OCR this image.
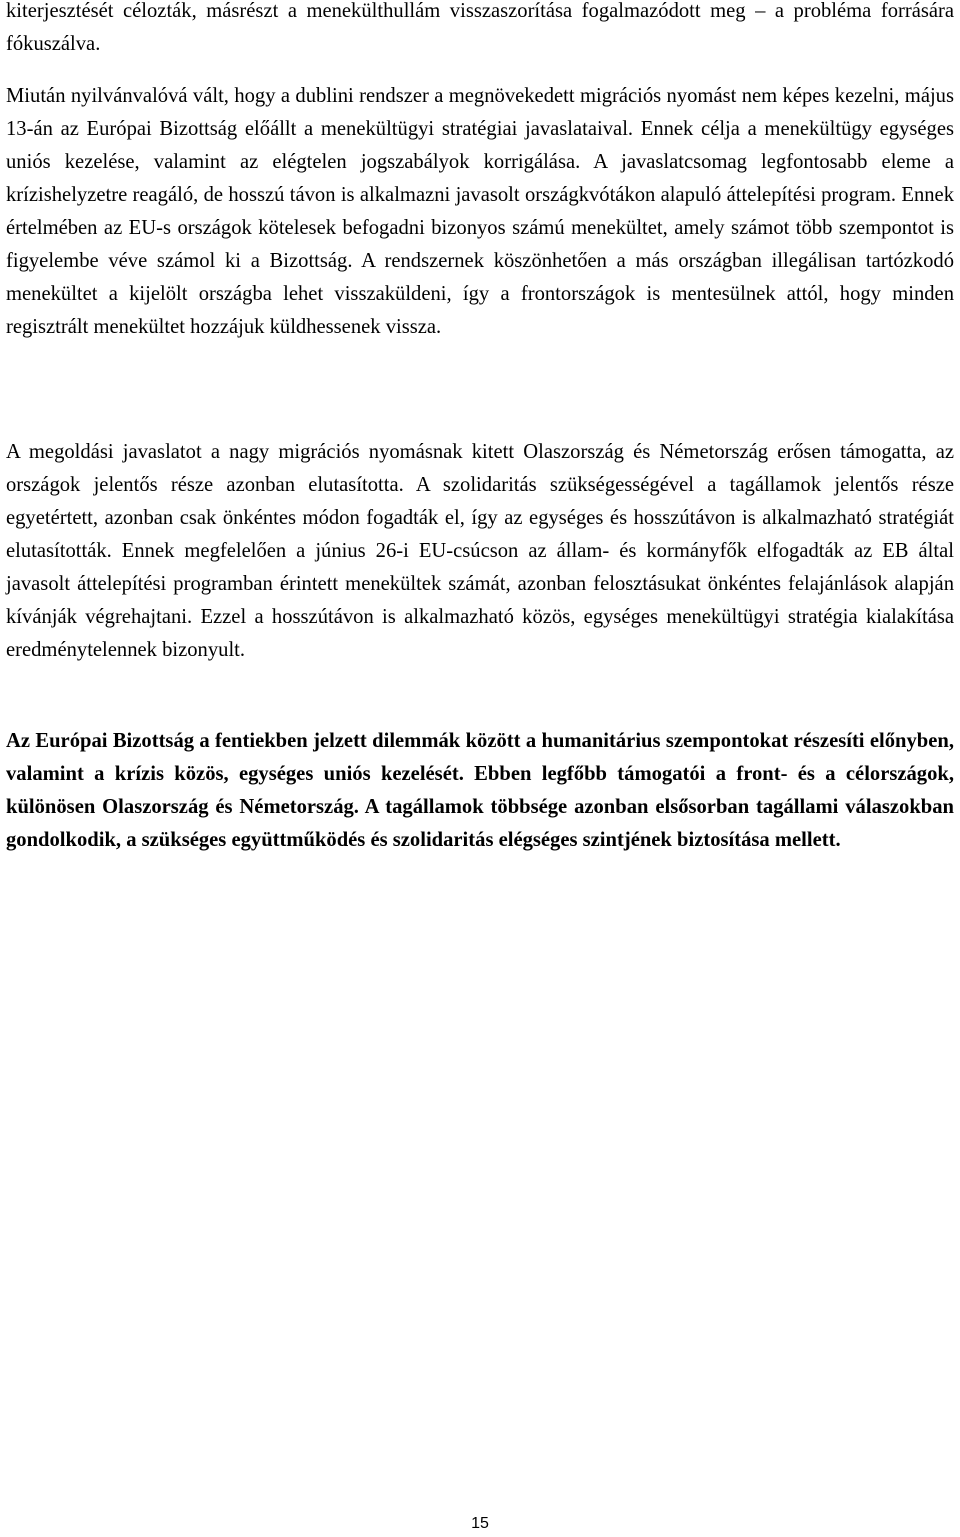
kiterjesztését célozták, másrészt a menekülthullám visszaszorítása fogalmazódott meg – a probléma forrására fókuszálva.

Miután nyilvánvalóvá vált, hogy a dublini rendszer a megnövekedett migrációs nyomást nem képes kezelni, május 13-án az Európai Bizottság előállt a menekültügyi stratégiai javaslataival. Ennek célja a menekültügy egységes uniós kezelése, valamint az elégtelen jogszabályok korrigálása. A javaslatcsomag legfontosabb eleme a krízishelyzetre reagáló, de hosszú távon is alkalmazni javasolt országkvótákon alapuló áttelepítési program. Ennek értelmében az EU-s országok kötelesek befogadni bizonyos számú menekültet, amely számot több szempontot is figyelembe véve számol ki a Bizottság. A rendszernek köszönhetően a más országban illegálisan tartózkodó menekültet a kijelölt országba lehet visszaküldeni, így a frontországok is mentesülnek attól, hogy minden regisztrált menekültet hozzájuk küldhessenek vissza.

A megoldási javaslatot a nagy migrációs nyomásnak kitett Olaszország és Németország erősen támogatta, az országok jelentős része azonban elutasította. A szolidaritás szükségességével a tagállamok jelentős része egyetértett, azonban csak önkéntes módon fogadták el, így az egységes és hosszútávon is alkalmazható stratégiát elutasították. Ennek megfelelően a június 26-i EU-csúcson az állam- és kormányfők elfogadták az EB által javasolt áttelepítési programban érintett menekültek számát, azonban felosztásukat önkéntes felajánlások alapján kívánják végrehajtani. Ezzel a hosszútávon is alkalmazható közös, egységes menekültügyi stratégia kialakítása eredménytelennek bizonyult.

Az Európai Bizottság a fentiekben jelzett dilemmák között a humanitárius szempontokat részesíti előnyben, valamint a krízis közös, egységes uniós kezelését. Ebben legfőbb támogatói a front- és a célországok, különösen Olaszország és Németország. A tagállamok többsége azonban elsősorban tagállami válaszokban gondolkodik, a szükséges együttműködés és szolidaritás elégséges szintjének biztosítása mellett.

15
